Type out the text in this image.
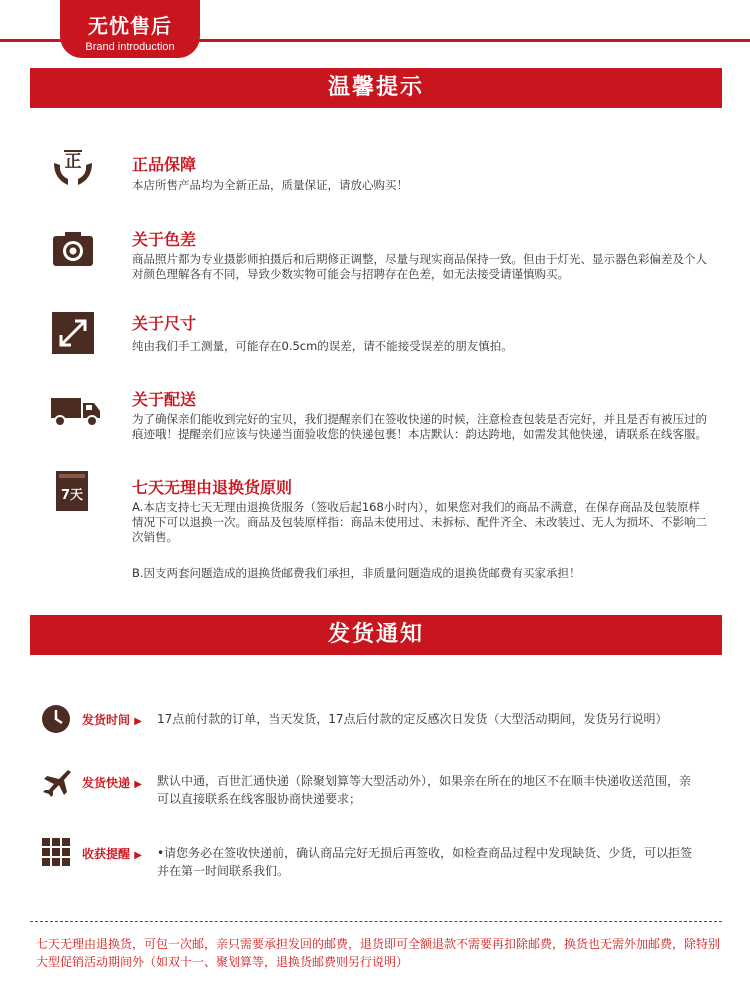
无忧售后
Brand introduction
温馨提示
正	正品保障
本店所售产品均为全新正品，质量保证，请放心购买！
关于色差
商品照片都为专业摄影师拍摄后和后期修正调整，尽量与现实商品保持一致。但由于灯光、显示器色彩偏差及个人对颜色理解各有不同，导致少数实物可能会与招聘存在色差，如无法接受请谨慎购买。
关于尺寸
纯由我们手工测量，可能存在0.5cm的误差，请不能接受误差的朋友慎拍。
关于配送
为了确保亲们能收到完好的宝贝，我们提醒亲们在签收快递的时候，注意检查包装是否完好，并且是否有被压过的痕迹哦！提醒亲们应该与快递当面验收您的快递包裹！本店默认：韵达跨地，如需发其他快递，请联系在线客服。
7天	七天无理由退换货原则
A.本店支持七天无理由退换货服务（签收后起168小时内），如果您对我们的商品不满意，在保存商品及包装原样情况下可以退换一次。商品及包装原样指：商品未使用过、未拆标、配件齐全、未改装过、无人为损坏、不影响二次销售。
B.因支两套问题造成的退换货邮费我们承担，非质量问题造成的退换货邮费有买家承担！
发货通知
发货时间 ▶ 17点前付款的订单，当天发货，17点后付款的定反感次日发货（大型活动期间，发货另行说明）
发货快递 ▶ 默认中通，百世汇通快递（除聚划算等大型活动外），如果亲在所在的地区不在顺丰快递收送范围，亲可以直接联系在线客服协商快递要求；
收获提醒 ▶ •请您务必在签收快递前，确认商品完好无损后再签收，如检查商品过程中发现缺货、少货，可以拒签并在第一时间联系我们。
七天无理由退换货，可包一次邮，亲只需要承担发回的邮费，退货即可全额退款不需要再扣除邮费，换货也无需外加邮费，除特别大型促销活动期间外（如双十一、聚划算等，退换货邮费则另行说明）
